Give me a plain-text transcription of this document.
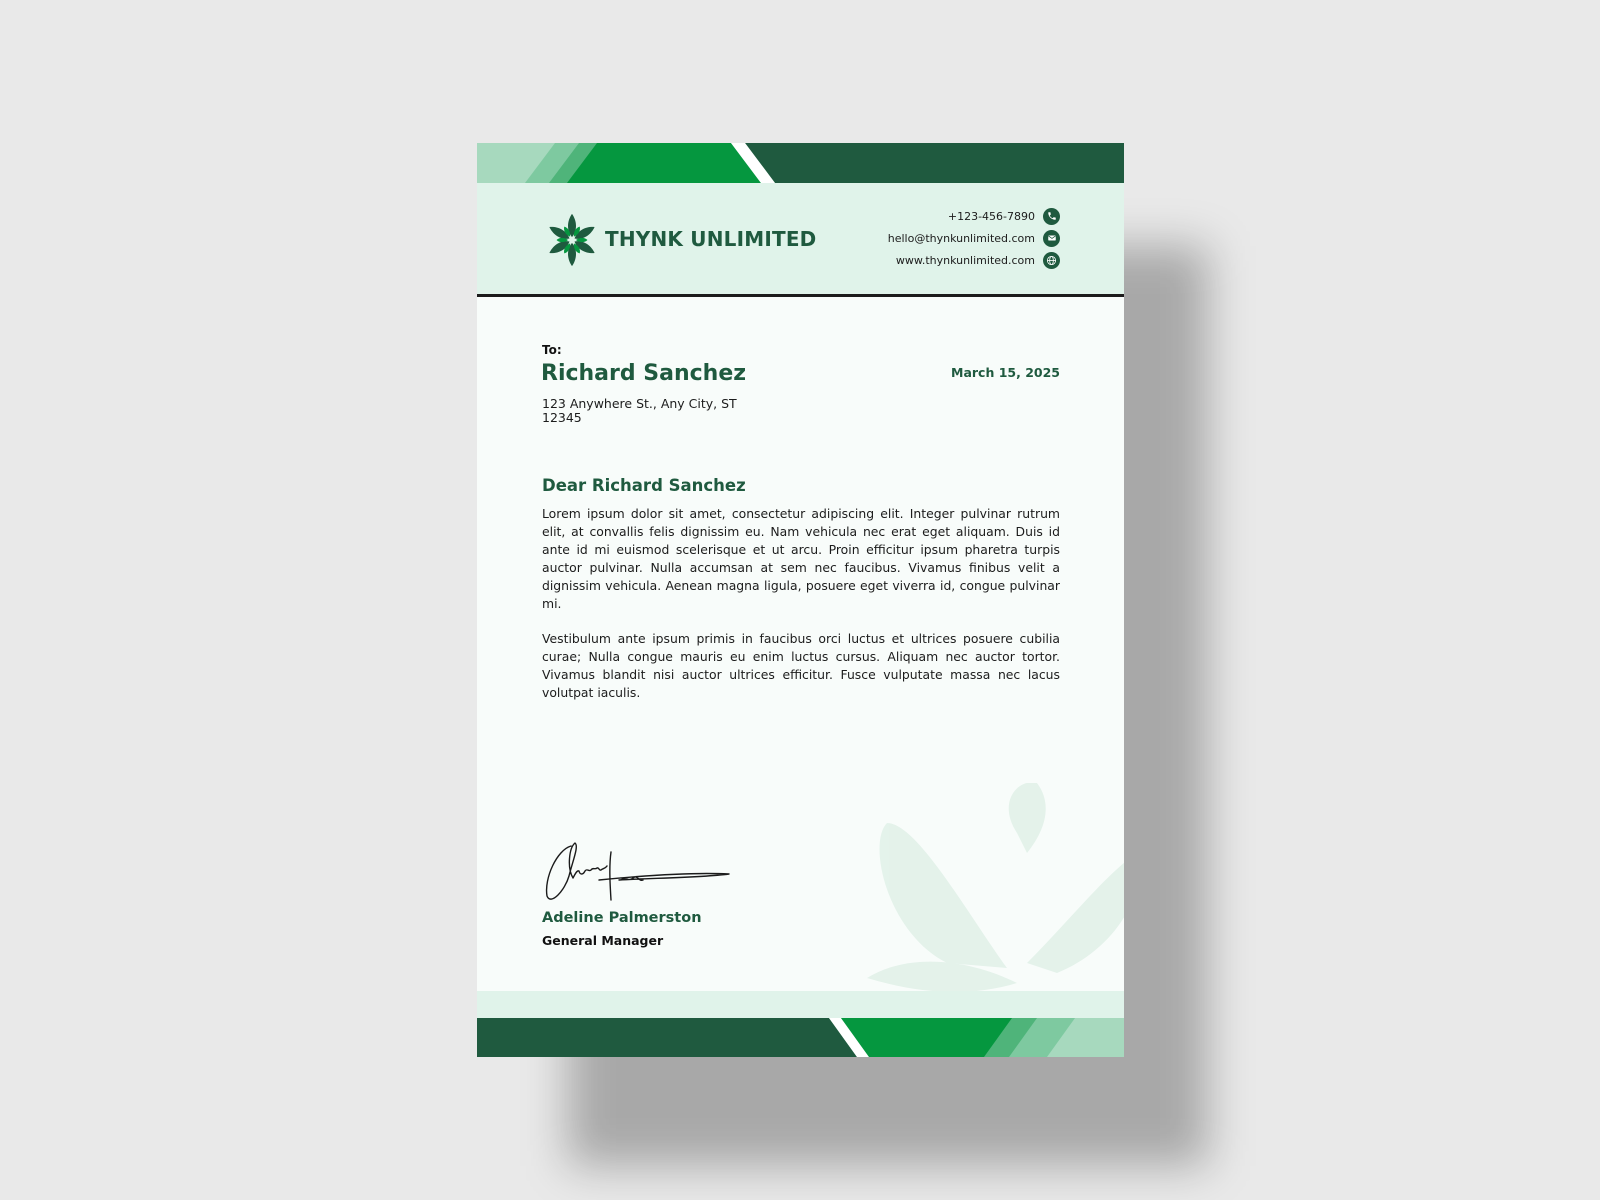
THYNK UNLIMITED
+123-456-7890
hello@thynkunlimited.com
www.thynkunlimited.com
To:
Richard Sanchez
123 Anywhere St., Any City, ST 12345
March 15, 2025
Dear Richard Sanchez

Lorem ipsum dolor sit amet, consectetur adipiscing elit. Integer pulvinar rutrum elit, at convallis felis dignissim eu. Nam vehicula nec erat eget aliquam. Duis id ante id mi euismod scelerisque et ut arcu. Proin efficitur ipsum pharetra turpis auctor pulvinar. Nulla accumsan at sem nec faucibus. Vivamus finibus velit a dignissim vehicula. Aenean magna ligula, posuere eget viverra id, congue pulvinar mi.

Vestibulum ante ipsum primis in faucibus orci luctus et ultrices posuere cubilia curae; Nulla congue mauris eu enim luctus cursus. Aliquam nec auctor tortor. Vivamus blandit nisi auctor ultrices efficitur. Fusce vulputate massa nec lacus volutpat iaculis.

Adeline Palmerston
General Manager
